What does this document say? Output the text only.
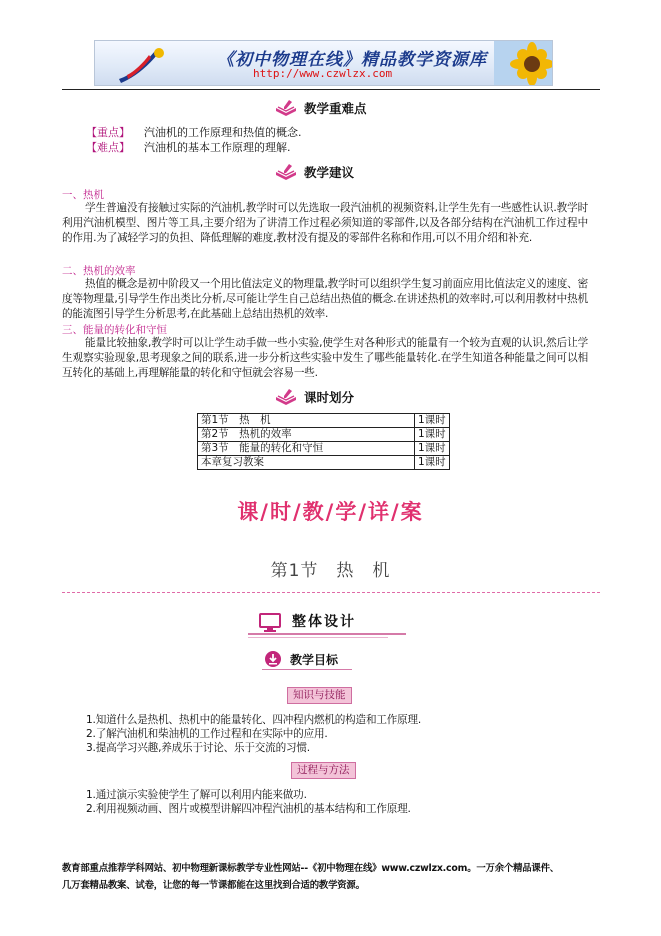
《初中物理在线》精品教学资源库
http://www.czwlzx.com
教学重难点
【重点】 汽油机的工作原理和热值的概念.
【难点】 汽油机的基本工作原理的理解.
教学建议
一、热机
学生普遍没有接触过实际的汽油机,教学时可以先选取一段汽油机的视频资料,让学生先有一些感性认识.教学时利用汽油机模型、图片等工具,主要介绍为了讲清工作过程必须知道的零部件,以及各部分结构在汽油机工作过程中的作用.为了减轻学习的负担、降低理解的难度,教材没有提及的零部件名称和作用,可以不用介绍和补充.
二、热机的效率
热值的概念是初中阶段又一个用比值法定义的物理量,教学时可以组织学生复习前面应用比值法定义的速度、密度等物理量,引导学生作出类比分析,尽可能让学生自己总结出热值的概念.在讲述热机的效率时,可以利用教材中热机的能流图引导学生分析思考,在此基础上总结出热机的效率.
三、能量的转化和守恒
能量比较抽象,教学时可以让学生动手做一些小实验,使学生对各种形式的能量有一个较为直观的认识,然后让学生观察实验现象,思考现象之间的联系,进一步分析这些实验中发生了哪些能量转化.在学生知道各种能量之间可以相互转化的基础上,再理解能量的转化和守恒就会容易一些.
课时划分
第1节　热　机	1课时
第2节　热机的效率	1课时
第3节　能量的转化和守恒	1课时
本章复习教案	1课时
课/时/教/学/详/案
第1节　热　机
整体设计
教学目标
知识与技能
1.知道什么是热机、热机中的能量转化、四冲程内燃机的构造和工作原理.
2.了解汽油机和柴油机的工作过程和在实际中的应用.
3.提高学习兴趣,养成乐于讨论、乐于交流的习惯.
过程与方法
1.通过演示实验使学生了解可以利用内能来做功.
2.利用视频动画、图片或模型讲解四冲程汽油机的基本结构和工作原理.
教育部重点推荐学科网站、初中物理新课标教学专业性网站--《初中物理在线》www.czwlzx.com。一万余个精品课件、
几万套精品教案、试卷，让您的每一节课都能在这里找到合适的教学资源。
